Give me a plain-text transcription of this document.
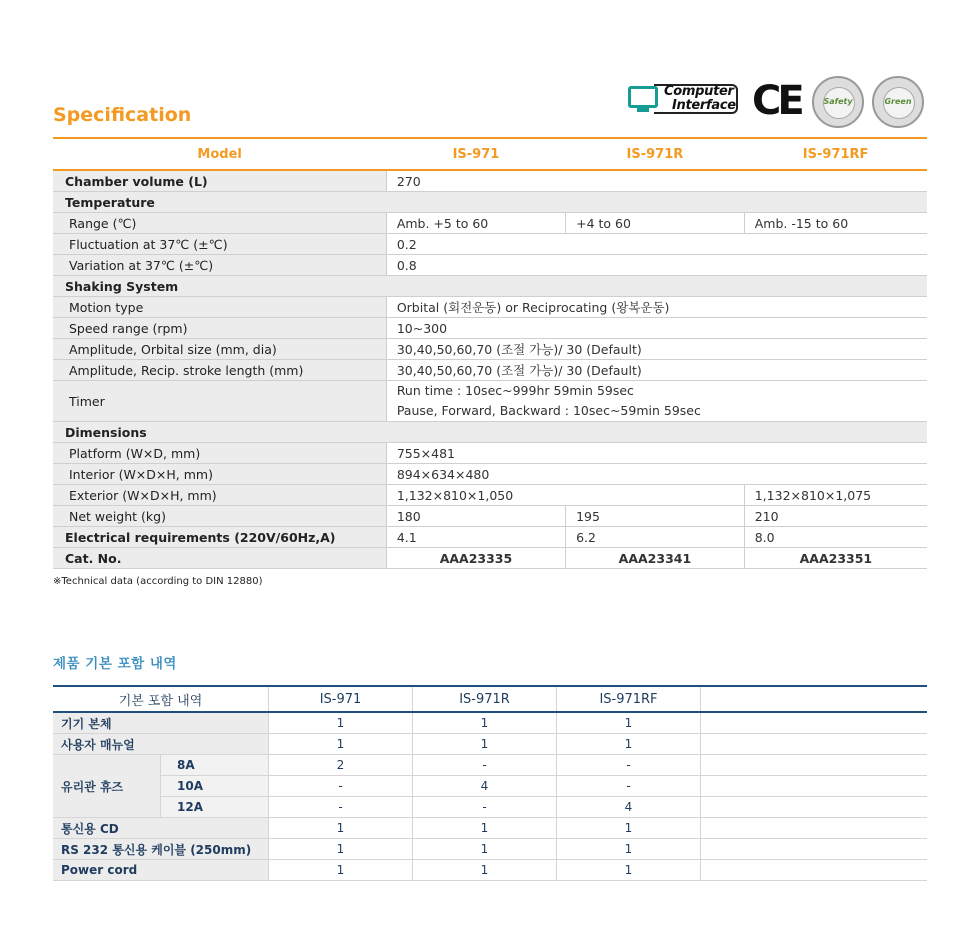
Specification
Computer
Interface CE	Safety	Green
Model	IS-971	IS-971R	IS-971RF
Chamber volume (L)	270		
Temperature			
Range (℃)	Amb. +5 to 60	+4 to 60	Amb. -15 to 60
Fluctuation at 37℃ (±℃)	0.2		
Variation at 37℃ (±℃)	0.8		
Shaking System			
Motion type	Orbital (회전운동) or Reciprocating (왕복운동)		
Speed range (rpm)	10~300		
Amplitude, Orbital size (mm, dia)	30,40,50,60,70 (조절 가능)/ 30 (Default)		
Amplitude, Recip. stroke length (mm)	30,40,50,60,70 (조절 가능)/ 30 (Default)		
Timer	Run time : 10sec~999hr 59min 59sec
Pause, Forward, Backward : 10sec~59min 59sec		

Dimensions			
Platform (W×D, mm)	755×481		
Interior (W×D×H, mm)	894×634×480		
Exterior (W×D×H, mm)	1,132×810×1,050		1,132×810×1,075
Net weight (kg)	180	195	210
Electrical requirements (220V/60Hz,A)	4.1	6.2	8.0
Cat. No.	AAA23335	AAA23341	AAA23351
※Technical data (according to DIN 12880)
제품 기본 포함 내역
기본 포함 내역		IS-971	IS-971R	IS-971RF	
기기 본체		1	1	1	
사용자 매뉴얼		1	1	1	
유리관 휴즈	8A	2	-	-	
	10A	-	4	-	
	12A	-	-	4	
통신용 CD		1	1	1	
RS 232 통신용 케이블 (250mm)		1	1	1	
Power cord		1	1	1	
